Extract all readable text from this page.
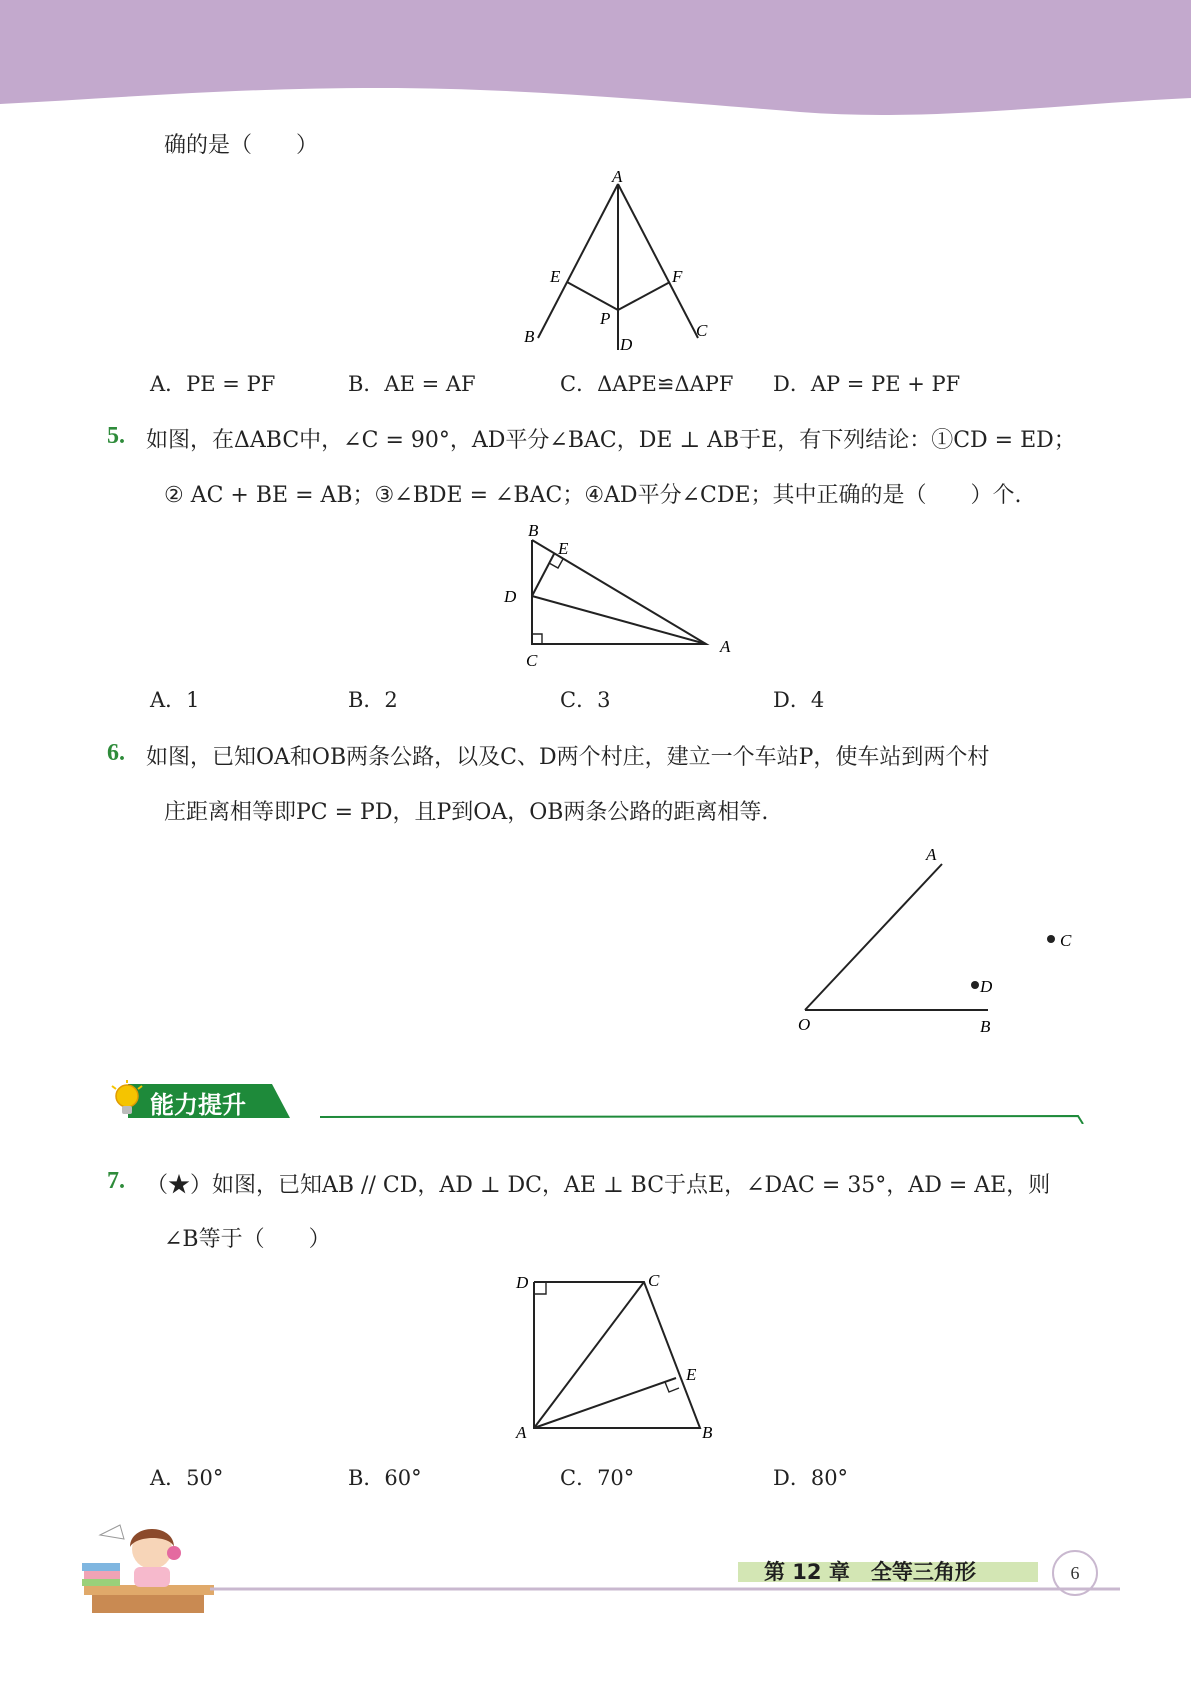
确的是（　　）
A
E	F
P
B	D
C
A．PE = PF	B．AE = AF	C．ΔAPE≌ΔAPF D．AP = PE + PF
5. 如图，在ΔABC中，∠C = 90°，AD平分∠BAC，DE ⊥ AB于E，有下列结论：①CD = ED；
② AC + BE = AB；③∠BDE = ∠BAC；④AD平分∠CDE；其中正确的是（　　）个.
B
E
D
C
A
A．1	B．2	C．3	D．4
6. 如图，已知OA和OB两条公路，以及C、D两个村庄，建立一个车站P，使车站到两个村
庄距离相等即PC = PD，且P到OA，OB两条公路的距离相等.
A
C
D
O	B
能力提升
7. （★）如图，已知AB // CD，AD ⊥ DC，AE ⊥ BC于点E，∠DAC = 35°，AD = AE，则
∠B等于（　　）
D	C
E
A	B
A．50°	B．60°	C．70°	D．80°
第 12 章　全等三角形	6
